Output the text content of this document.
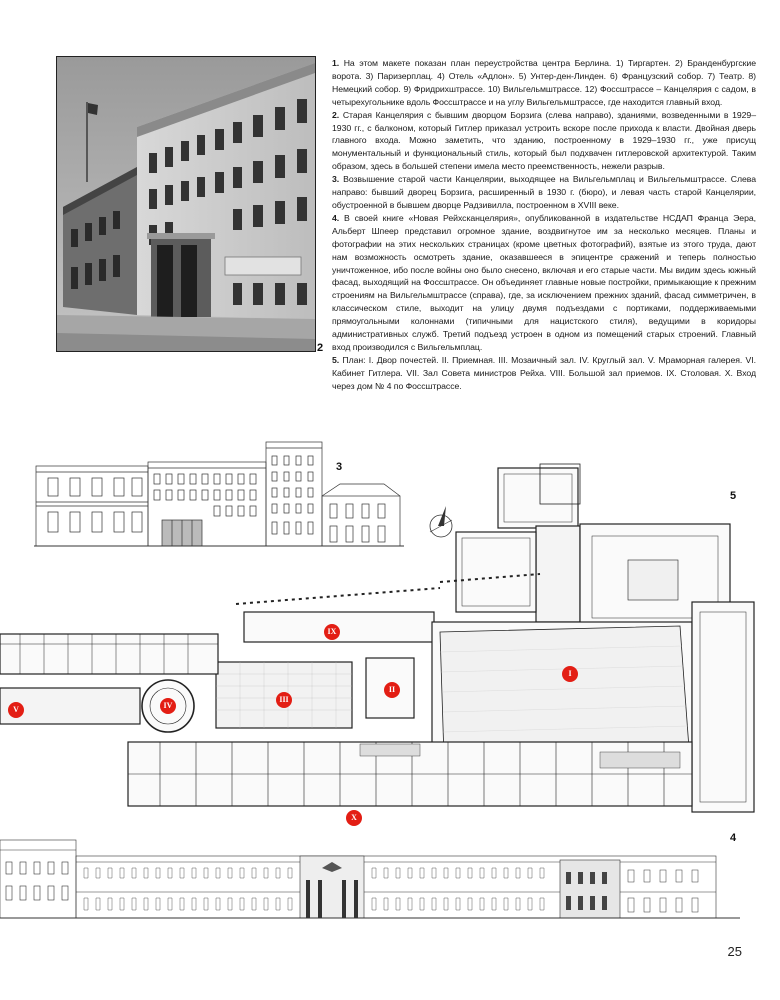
2

1. На этом макете показан план переустройства центра Берлина. 1) Тиргартен. 2) Бранденбургские ворота. 3) Паризерплац. 4) Отель «Адлон». 5) Унтер-ден-Линден. 6) Французский собор. 7) Театр. 8) Немецкий собор. 9) Фридрихштрассе. 10) Вильгельмштрассе. 12) Фоссштрассе – Канцелярия с садом, в четырехугольнике вдоль Фоссштрассе и на углу Вильгельмштрассе, где находится главный вход.

2. Старая Канцелярия с бывшим дворцом Борзига (слева направо), зданиями, возведенными в 1929–1930 гг., с балконом, который Гитлер приказал устроить вскоре после прихода к власти. Двойная дверь главного входа. Можно заметить, что зданию, построенному в 1929–1930 гг., уже присущ монументальный и функциональный стиль, который был подхвачен гитлеровской архитектурой. Таким образом, здесь в большей степени имела место преемственность, нежели разрыв.

3. Возвышение старой части Канцелярии, выходящее на Вильгельмплац и Вильгельмштрассе. Слева направо: бывший дворец Борзига, расширенный в 1930 г. (бюро), и левая часть старой Канцелярии, обустроенной в бывшем дворце Радзивилла, построенном в XVIII веке.

4. В своей книге «Новая Рейхсканцелярия», опубликованной в издательстве НСДАП Франца Эера, Альберт Шпеер представил огромное здание, воздвигнутое им за несколько месяцев. Планы и фотографии на этих нескольких страницах (кроме цветных фотографий), взятые из этого труда, дают нам возможность осмотреть здание, оказавшееся в эпицентре сражений и теперь полностью уничтоженное, ибо после войны оно было снесено, включая и его старые части. Мы видим здесь южный фасад, выходящий на Фоссштрассе. Он объединяет главные новые постройки, примыкающие к прежним строениям на Вильгельмштрассе (справа), где, за исключением прежних зданий, фасад симметричен, в классическом стиле, выходит на улицу двумя подъездами с портиками, поддерживаемыми прямоугольными колоннами (типичными для нацистского стиля), ведущими в коридоры административных служб. Третий подъезд устроен в одном из помещений старых строений. Главный вход производился с Вильгельмплац.

5. План: I. Двор почестей. II. Приемная. III. Мозаичный зал. IV. Круглый зал. V. Мраморная галерея. VI. Кабинет Гитлера. VII. Зал Совета министров Рейха. VIII. Большой зал приемов. IX. Столовая. X. Вход через дом № 4 по Фоссштрассе.

3
I
II
III
IV
V
IX
X
5
4
25
